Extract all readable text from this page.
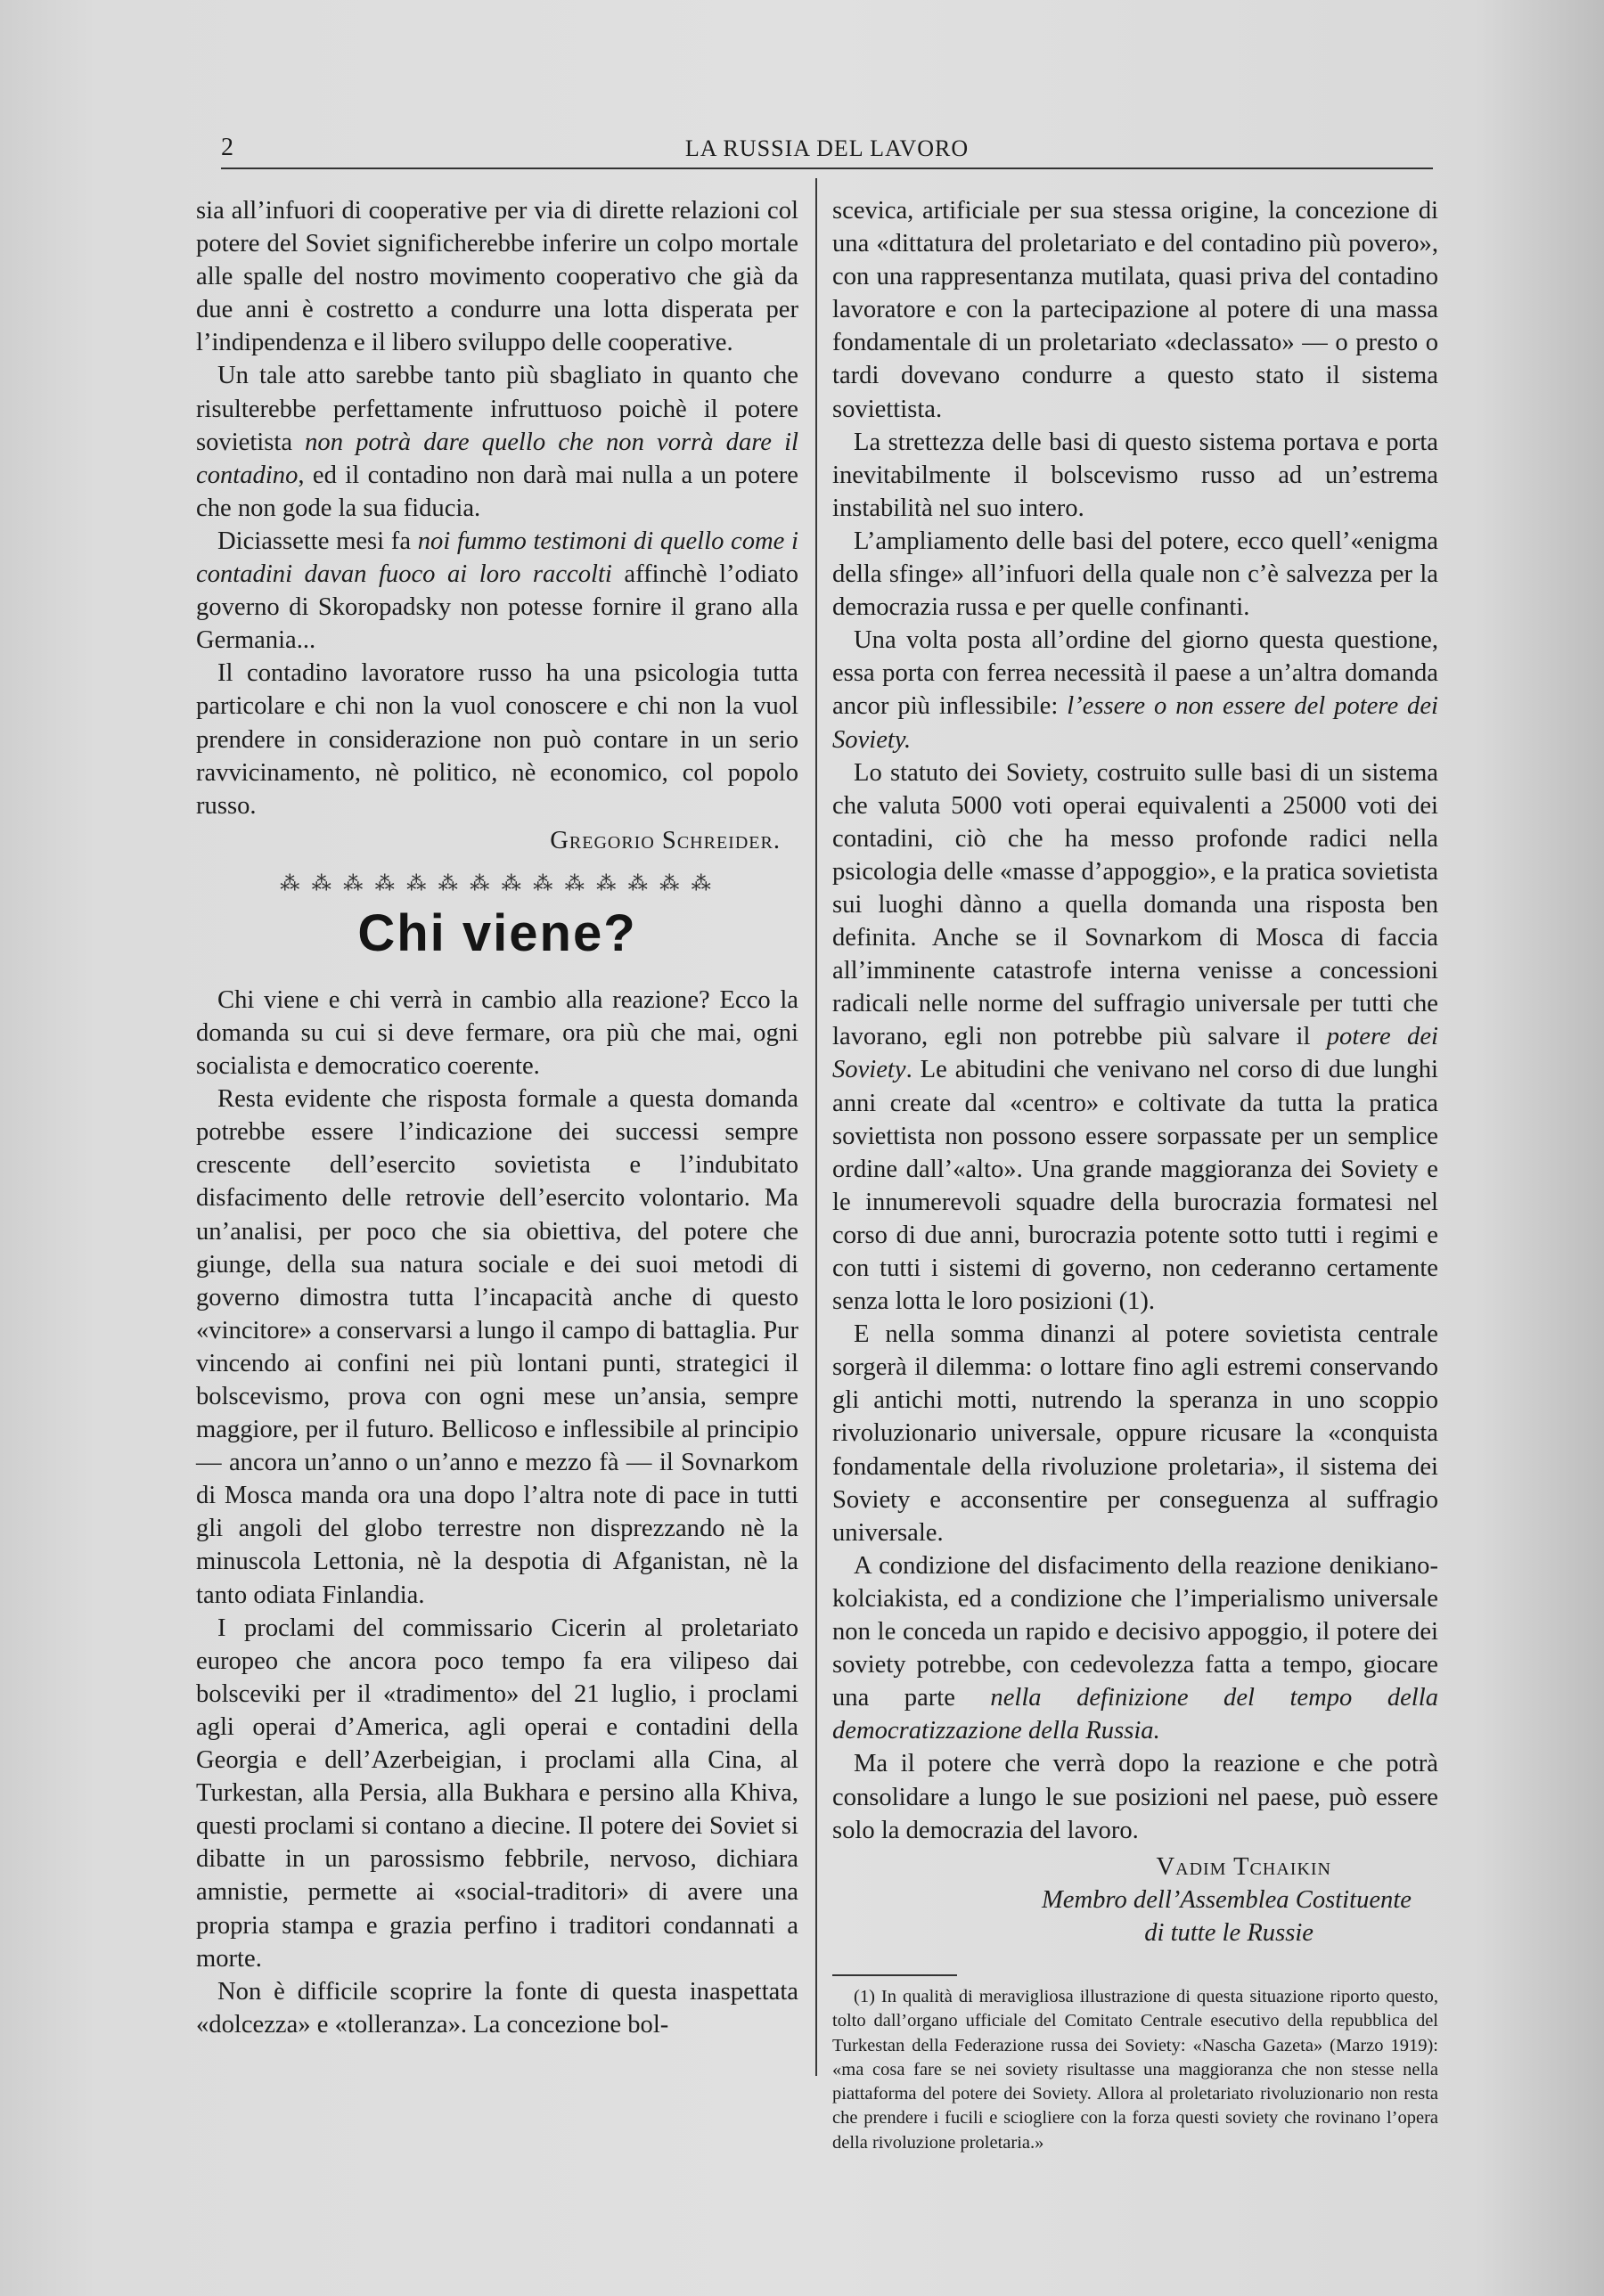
2	LA RUSSIA DEL LAVORO

sia all’infuori di cooperative per via di dirette relazioni col potere del Soviet significherebbe inferire un colpo mortale alle spalle del nostro movimento cooperativo che già da due anni è costretto a condurre una lotta disperata per l’indipendenza e il libero sviluppo delle cooperative.

Un tale atto sarebbe tanto più sbagliato in quanto che risulterebbe perfettamente infruttuoso poichè il potere sovietista non potrà dare quello che non vorrà dare il contadino, ed il contadino non darà mai nulla a un potere che non gode la sua fiducia.

Diciassette mesi fa noi fummo testimoni di quello come i contadini davan fuoco ai loro raccolti affinchè l’odiato governo di Skoropadsky non potesse fornire il grano alla Germania...

Il contadino lavoratore russo ha una psicologia tutta particolare e chi non la vuol conoscere e chi non la vuol prendere in considerazione non può contare in un serio ravvicinamento, nè politico, nè economico, col popolo russo.

Gregorio Schreider.
⁂ ⁂ ⁂ ⁂ ⁂ ⁂ ⁂ ⁂ ⁂ ⁂ ⁂ ⁂ ⁂ ⁂
Chi viene?

Chi viene e chi verrà in cambio alla reazione? Ecco la domanda su cui si deve fermare, ora più che mai, ogni socialista e democratico coerente.

Resta evidente che risposta formale a questa domanda potrebbe essere l’indicazione dei successi sempre crescente dell’esercito sovietista e l’indubitato disfacimento delle retrovie dell’esercito volontario. Ma un’analisi, per poco che sia obiettiva, del potere che giunge, della sua natura sociale e dei suoi metodi di governo dimostra tutta l’incapacità anche di questo «vincitore» a conservarsi a lungo il campo di battaglia. Pur vincendo ai confini nei più lontani punti, strategici il bolscevismo, prova con ogni mese un’ansia, sempre maggiore, per il futuro. Bellicoso e inflessibile al principio — ancora un’anno o un’anno e mezzo fà — il Sovnarkom di Mosca manda ora una dopo l’altra note di pace in tutti gli angoli del globo terrestre non disprezzando nè la minuscola Lettonia, nè la despotia di Afganistan, nè la tanto odiata Finlandia.

I proclami del commissario Cicerin al proletariato europeo che ancora poco tempo fa era vilipeso dai bolsceviki per il «tradimento» del 21 luglio, i proclami agli operai d’America, agli operai e contadini della Georgia e dell’Azerbeigian, i proclami alla Cina, al Turkestan, alla Persia, alla Bukhara e persino alla Khiva, questi proclami si contano a diecine. Il potere dei Soviet si dibatte in un parossismo febbrile, nervoso, dichiara amnistie, permette ai «social-traditori» di avere una propria stampa e grazia perfino i traditori condannati a morte.

Non è difficile scoprire la fonte di questa inaspettata «dolcezza» e «tolleranza». La concezione bol-

scevica, artificiale per sua stessa origine, la concezione di una «dittatura del proletariato e del contadino più povero», con una rappresentanza mutilata, quasi priva del contadino lavoratore e con la partecipazione al potere di una massa fondamentale di un proletariato «declassato» — o presto o tardi dovevano condurre a questo stato il sistema soviettista.

La strettezza delle basi di questo sistema portava e porta inevitabilmente il bolscevismo russo ad un’estrema instabilità nel suo intero.

L’ampliamento delle basi del potere, ecco quell’«enigma della sfinge» all’infuori della quale non c’è salvezza per la democrazia russa e per quelle confinanti.

Una volta posta all’ordine del giorno questa questione, essa porta con ferrea necessità il paese a un’altra domanda ancor più inflessibile: l’essere o non essere del potere dei Soviety.

Lo statuto dei Soviety, costruito sulle basi di un sistema che valuta 5000 voti operai equivalenti a 25000 voti dei contadini, ciò che ha messo profonde radici nella psicologia delle «masse d’appoggio», e la pratica sovietista sui luoghi dànno a quella domanda una risposta ben definita. Anche se il Sovnarkom di Mosca di faccia all’imminente catastrofe interna venisse a concessioni radicali nelle norme del suffragio universale per tutti che lavorano, egli non potrebbe più salvare il potere dei Soviety. Le abitudini che venivano nel corso di due lunghi anni create dal «centro» e coltivate da tutta la pratica soviettista non possono essere sorpassate per un semplice ordine dall’«alto». Una grande maggioranza dei Soviety e le innumerevoli squadre della burocrazia formatesi nel corso di due anni, burocrazia potente sotto tutti i regimi e con tutti i sistemi di governo, non cederanno certamente senza lotta le loro posizioni (1).

E nella somma dinanzi al potere sovietista centrale sorgerà il dilemma: o lottare fino agli estremi conservando gli antichi motti, nutrendo la speranza in uno scoppio rivoluzionario universale, oppure ricusare la «conquista fondamentale della rivoluzione proletaria», il sistema dei Soviety e acconsentire per conseguenza al suffragio universale.

A condizione del disfacimento della reazione denikiano-kolciakista, ed a condizione che l’imperialismo universale non le conceda un rapido e decisivo appoggio, il potere dei soviety potrebbe, con cedevolezza fatta a tempo, giocare una parte nella definizione del tempo della democratizzazione della Russia.

Ma il potere che verrà dopo la reazione e che potrà consolidare a lungo le sue posizioni nel paese, può essere solo la democrazia del lavoro.

Vadim Tchaikin
Membro dell’Assemblea Costituente
di tutte le Russie

(1) In qualità di meravigliosa illustrazione di questa situazione riporto questo, tolto dall’organo ufficiale del Comitato Centrale esecutivo della repubblica del Turkestan della Federazione russa dei Soviety: «Nascha Gazeta» (Marzo 1919): «ma cosa fare se nei soviety risultasse una maggioranza che non stesse nella piattaforma del potere dei Soviety. Allora al proletariato rivoluzionario non resta che prendere i fucili e sciogliere con la forza questi soviety che rovinano l’opera della rivoluzione proletaria.»
